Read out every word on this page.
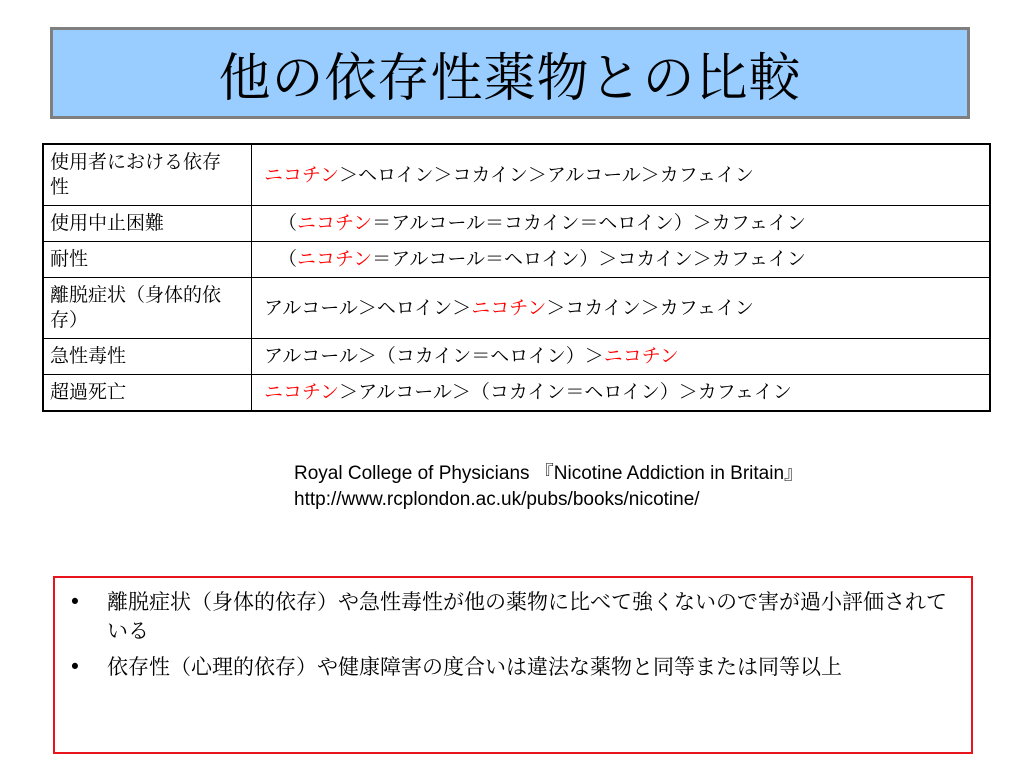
他の依存性薬物との比較
使用者における依存性	ニコチン＞ヘロイン＞コカイン＞アルコール＞カフェイン
使用中止困難	（ニコチン＝アルコール＝コカイン＝ヘロイン）＞カフェイン
耐性	（ニコチン＝アルコール＝ヘロイン）＞コカイン＞カフェイン

離脱症状（身体的依存）	アルコール＞ヘロイン＞ニコチン＞コカイン＞カフェイン
急性毒性	アルコール＞（コカイン＝ヘロイン）＞ニコチン
超過死亡	ニコチン＞アルコール＞（コカイン＝ヘロイン）＞カフェイン
Royal College of Physicians 『Nicotine Addiction in Britain』
http://www.rcplondon.ac.uk/pubs/books/nicotine/
• 離脱症状（身体的依存）や急性毒性が他の薬物に比べて強くないので害が過小評価されている
• 依存性（心理的依存）や健康障害の度合いは違法な薬物と同等または同等以上
